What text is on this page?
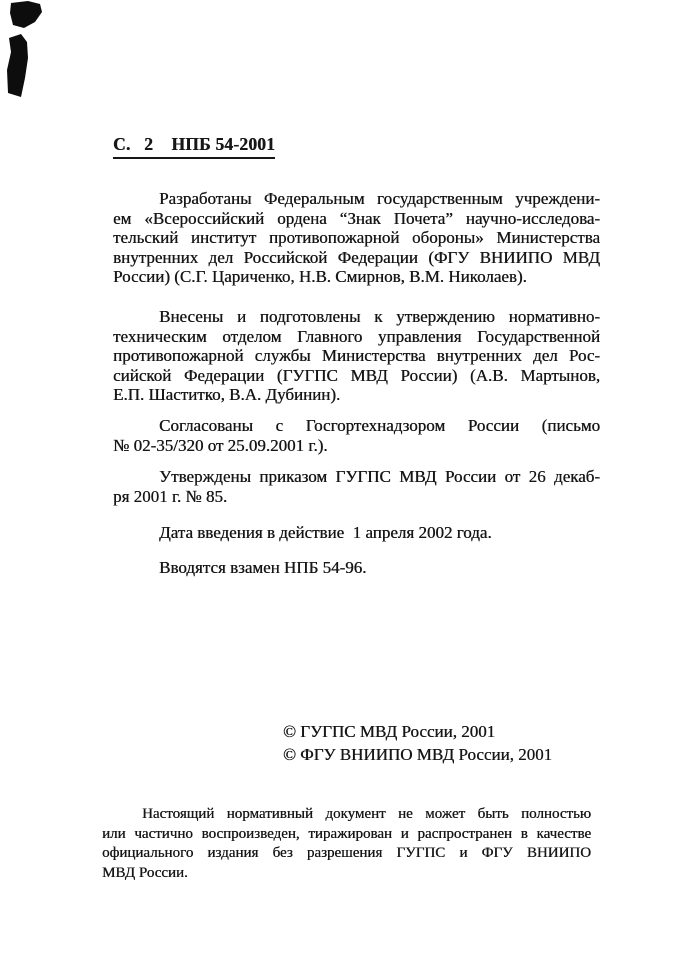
С.   2    НПБ 54-2001
Разработаны Федеральным государственным учреждени-
ем «Всероссийский ордена “Знак Почета” научно-исследова-
тельский институт противопожарной обороны» Министерства
внутренних дел Российской Федерации (ФГУ ВНИИПО МВД
России) (С.Г. Цариченко, Н.В. Смирнов, В.М. Николаев).
Внесены и подготовлены к утверждению нормативно-
техническим отделом Главного управления Государственной
противопожарной службы Министерства внутренних дел Рос-
сийской Федерации (ГУГПС МВД России) (А.В. Мартынов,
Е.П. Шаститко, В.А. Дубинин).
Согласованы с Госгортехнадзором России (письмо
№ 02-35/320 от 25.09.2001 г.).
Утверждены приказом ГУГПС МВД России от 26 декаб-
ря 2001 г. № 85.
Дата введения в действие  1 апреля 2002 года.
Вводятся взамен НПБ 54-96.
© ГУГПС МВД России, 2001
© ФГУ ВНИИПО МВД России, 2001
Настоящий нормативный документ не может быть полностью
или частично воспроизведен, тиражирован и распространен в качестве
официального издания без разрешения ГУГПС и ФГУ ВНИИПО
МВД России.
